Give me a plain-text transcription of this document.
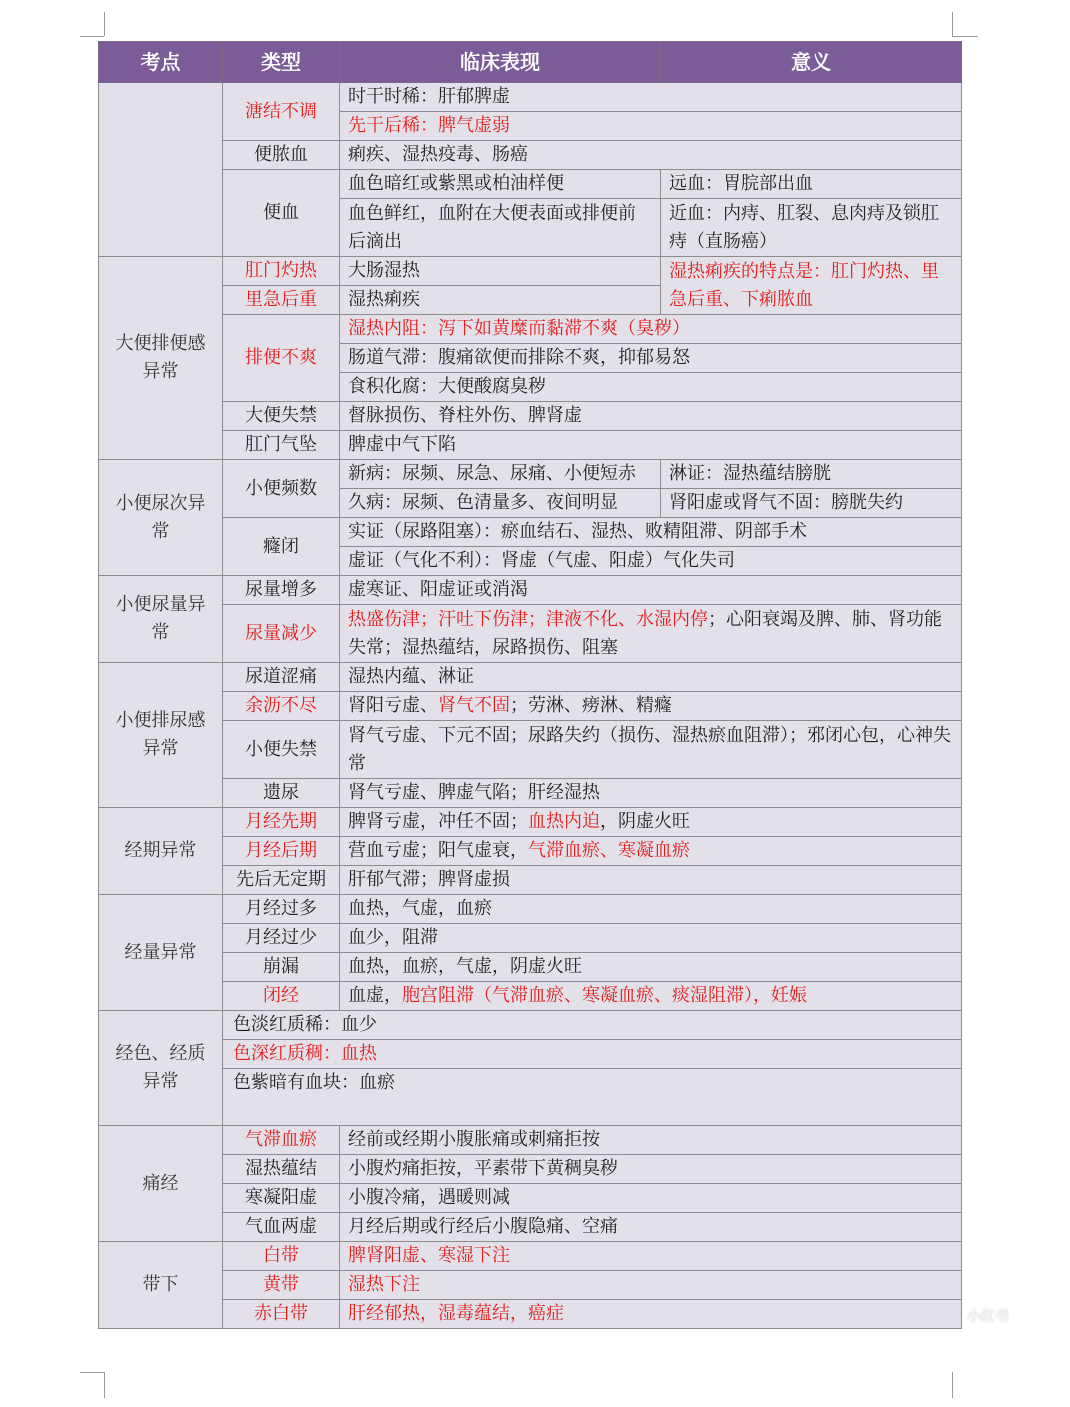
考点	类型	临床表现	意义
	溏结不调	时干时稀：肝郁脾虚	
		先干后稀：脾气虚弱	
	便脓血	痢疾、湿热疫毒、肠癌	
	便血	血色暗红或紫黑或柏油样便	远血：胃脘部出血
		血色鲜红，血附在大便表面或排便前后滴出	近血：内痔、肛裂、息肉痔及锁肛痔（直肠癌）

大便排便感异常	肛门灼热	大肠湿热	湿热痢疾的特点是：肛门灼热、里急后重、下痢脓血
	里急后重	湿热痢疾	
	排便不爽	湿热内阻：泻下如黄糜而黏滞不爽（臭秽）	
		肠道气滞：腹痛欲便而排除不爽，抑郁易怒	
		食积化腐：大便酸腐臭秽	
	大便失禁	督脉损伤、脊柱外伤、脾肾虚	
	肛门气坠	脾虚中气下陷	
小便尿次异常	小便频数	新病：尿频、尿急、尿痛、小便短赤	淋证：湿热蕴结膀胱
		久病：尿频、色清量多、夜间明显	肾阳虚或肾气不固：膀胱失约
	癃闭	实证（尿路阻塞）：瘀血结石、湿热、败精阻滞、阴部手术	
		虚证（气化不利）：肾虚（气虚、阳虚）气化失司	
小便尿量异常	尿量增多	虚寒证、阳虚证或消渴	
	尿量减少	热盛伤津；汗吐下伤津；津液不化、水湿内停；心阳衰竭及脾、肺、肾功能失常；湿热蕴结，尿路损伤、阻塞	
小便排尿感异常	尿道涩痛	湿热内蕴、淋证	
	余沥不尽	肾阳亏虚、肾气不固；劳淋、痨淋、精癃	
	小便失禁	肾气亏虚、下元不固；尿路失约（损伤、湿热瘀血阻滞）；邪闭心包，心神失常	
	遗尿	肾气亏虚、脾虚气陷；肝经湿热	
经期异常	月经先期	脾肾亏虚，冲任不固；血热内迫，阴虚火旺	
	月经后期	营血亏虚；阳气虚衰，气滞血瘀、寒凝血瘀	
	先后无定期	肝郁气滞；脾肾虚损	
经量异常	月经过多	血热，气虚，血瘀	
	月经过少	血少，阻滞	
	崩漏	血热，血瘀，气虚，阴虚火旺	
	闭经	血虚，胞宫阻滞（气滞血瘀、寒凝血瘀、痰湿阻滞），妊娠	
经色、经质异常	色淡红质稀：血少		
	色深红质稠：血热		
	色紫暗有血块：血瘀		
痛经	气滞血瘀	经前或经期小腹胀痛或刺痛拒按	
	湿热蕴结	小腹灼痛拒按，平素带下黄稠臭秽	
	寒凝阳虚	小腹冷痛，遇暖则减	
	气血两虚	月经后期或行经后小腹隐痛、空痛	
带下	白带	脾肾阳虚、寒湿下注	
	黄带	湿热下注	
	赤白带	肝经郁热，湿毒蕴结，癌症		小红书
